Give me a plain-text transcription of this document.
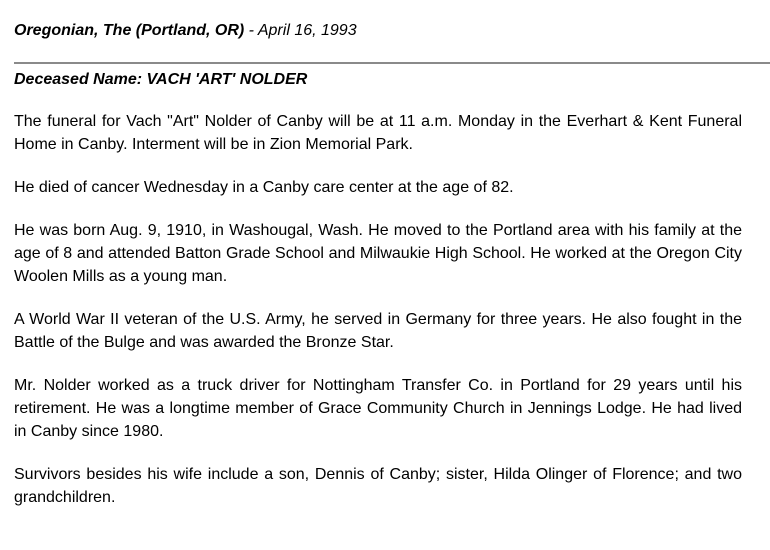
Oregonian, The (Portland, OR) - April 16, 1993
Deceased Name: VACH 'ART' NOLDER

The funeral for Vach "Art" Nolder of Canby will be at 11 a.m. Monday in the Everhart & Kent Funeral Home in Canby. Interment will be in Zion Memorial Park.

He died of cancer Wednesday in a Canby care center at the age of 82.

He was born Aug. 9, 1910, in Washougal, Wash. He moved to the Portland area with his family at the age of 8 and attended Batton Grade School and Milwaukie High School. He worked at the Oregon City Woolen Mills as a young man.

A World War II veteran of the U.S. Army, he served in Germany for three years. He also fought in the Battle of the Bulge and was awarded the Bronze Star.

Mr. Nolder worked as a truck driver for Nottingham Transfer Co. in Portland for 29 years until his retirement. He was a longtime member of Grace Community Church in Jennings Lodge. He had lived in Canby since 1980.

Survivors besides his wife include a son, Dennis of Canby; sister, Hilda Olinger of Florence; and two grandchildren.
